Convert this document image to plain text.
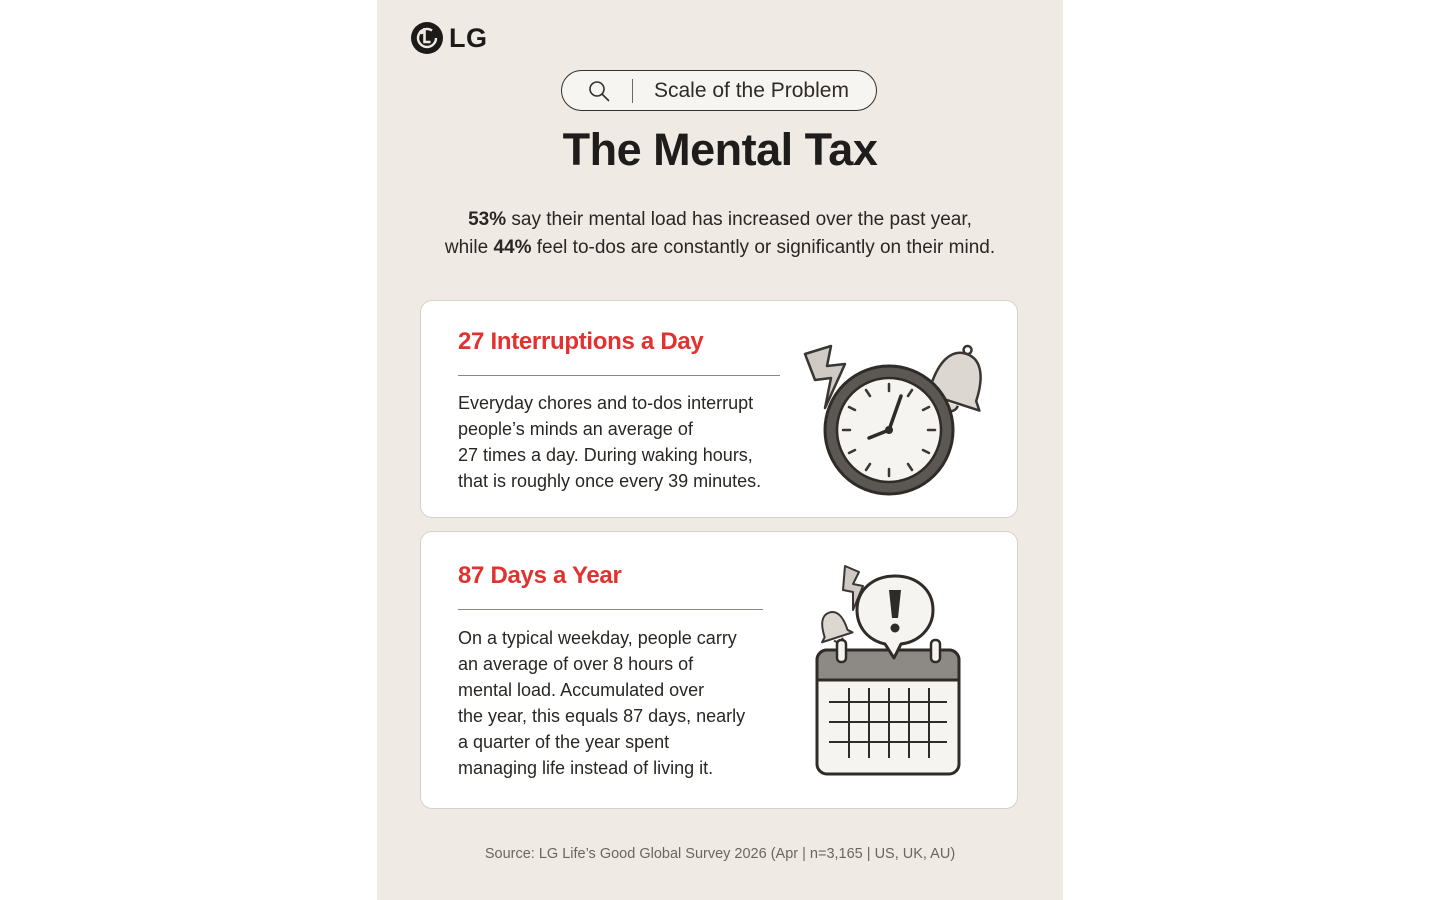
LG
Scale of the Problem
The Mental Tax
53% say their mental load has increased over the past year,
while 44% feel to-dos are constantly or significantly on their mind.
27 Interruptions a Day
Everyday chores and to-dos interrupt
people’s minds an average of
27 times a day. During waking hours,
that is roughly once every 39 minutes.
87 Days a Year
On a typical weekday, people carry
an average of over 8 hours of
mental load. Accumulated over
the year, this equals 87 days, nearly
a quarter of the year spent
managing life instead of living it.
Source: LG Life’s Good Global Survey 2026 (Apr | n=3,165 | US, UK, AU)
